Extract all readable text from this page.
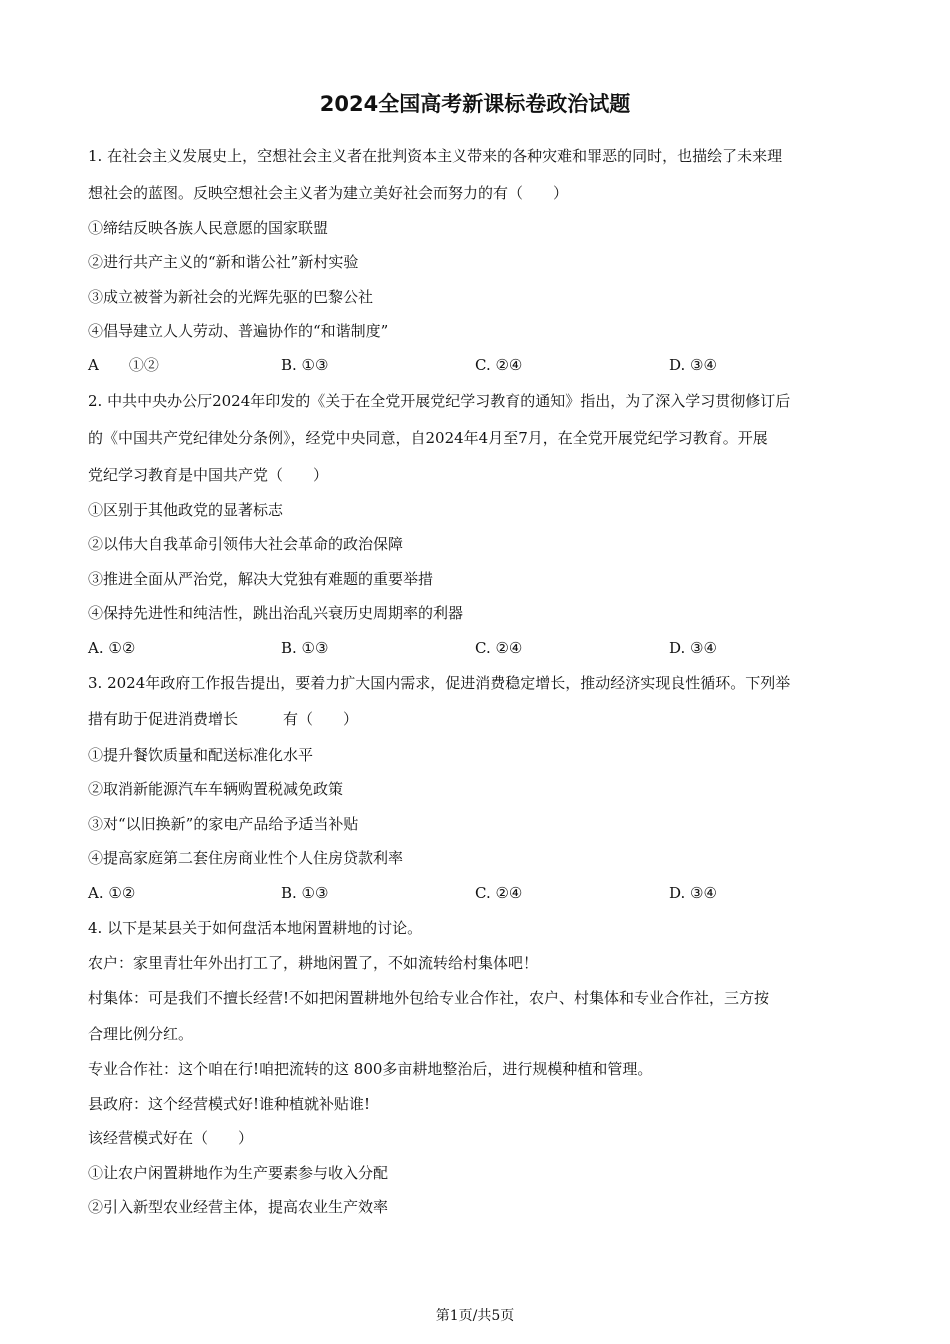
2024全国高考新课标卷政治试题
1. 在社会主义发展史上，空想社会主义者在批判资本主义带来的各种灾难和罪恶的同时，也描绘了未来理
想社会的蓝图。反映空想社会主义者为建立美好社会而努力的有（　　）
①缔结反映各族人民意愿的国家联盟
②进行共产主义的“新和谐公社”新村实验
③成立被誉为新社会的光辉先驱的巴黎公社
④倡导建立人人劳动、普遍协作的“和谐制度”
A　　①②	B. ①③	C. ②④	D. ③④
2. 中共中央办公厅2024年印发的《关于在全党开展党纪学习教育的通知》指出，为了深入学习贯彻修订后
的《中国共产党纪律处分条例》，经党中央同意，自2024年4月至7月，在全党开展党纪学习教育。开展
党纪学习教育是中国共产党（　　）
①区别于其他政党的显著标志
②以伟大自我革命引领伟大社会革命的政治保障
③推进全面从严治党，解决大党独有难题的重要举措
④保持先进性和纯洁性，跳出治乱兴衰历史周期率的利器
A. ①②	B. ①③	C. ②④	D. ③④
3. 2024年政府工作报告提出，要着力扩大国内需求，促进消费稳定增长，推动经济实现良性循环。下列举
措有助于促进消费增长　　　有（　　）
①提升餐饮质量和配送标准化水平
②取消新能源汽车车辆购置税减免政策
③对“以旧换新”的家电产品给予适当补贴
④提高家庭第二套住房商业性个人住房贷款利率
A. ①②	B. ①③	C. ②④	D. ③④
4. 以下是某县关于如何盘活本地闲置耕地的讨论。
农户：家里青壮年外出打工了，耕地闲置了，不如流转给村集体吧！
村集体：可是我们不擅长经营!不如把闲置耕地外包给专业合作社，农户、村集体和专业合作社，三方按
合理比例分红。
专业合作社：这个咱在行!咱把流转的这 800多亩耕地整治后，进行规模种植和管理。
县政府：这个经营模式好!谁种植就补贴谁!
该经营模式好在（　　）
①让农户闲置耕地作为生产要素参与收入分配
②引入新型农业经营主体，提高农业生产效率
第1页/共5页
